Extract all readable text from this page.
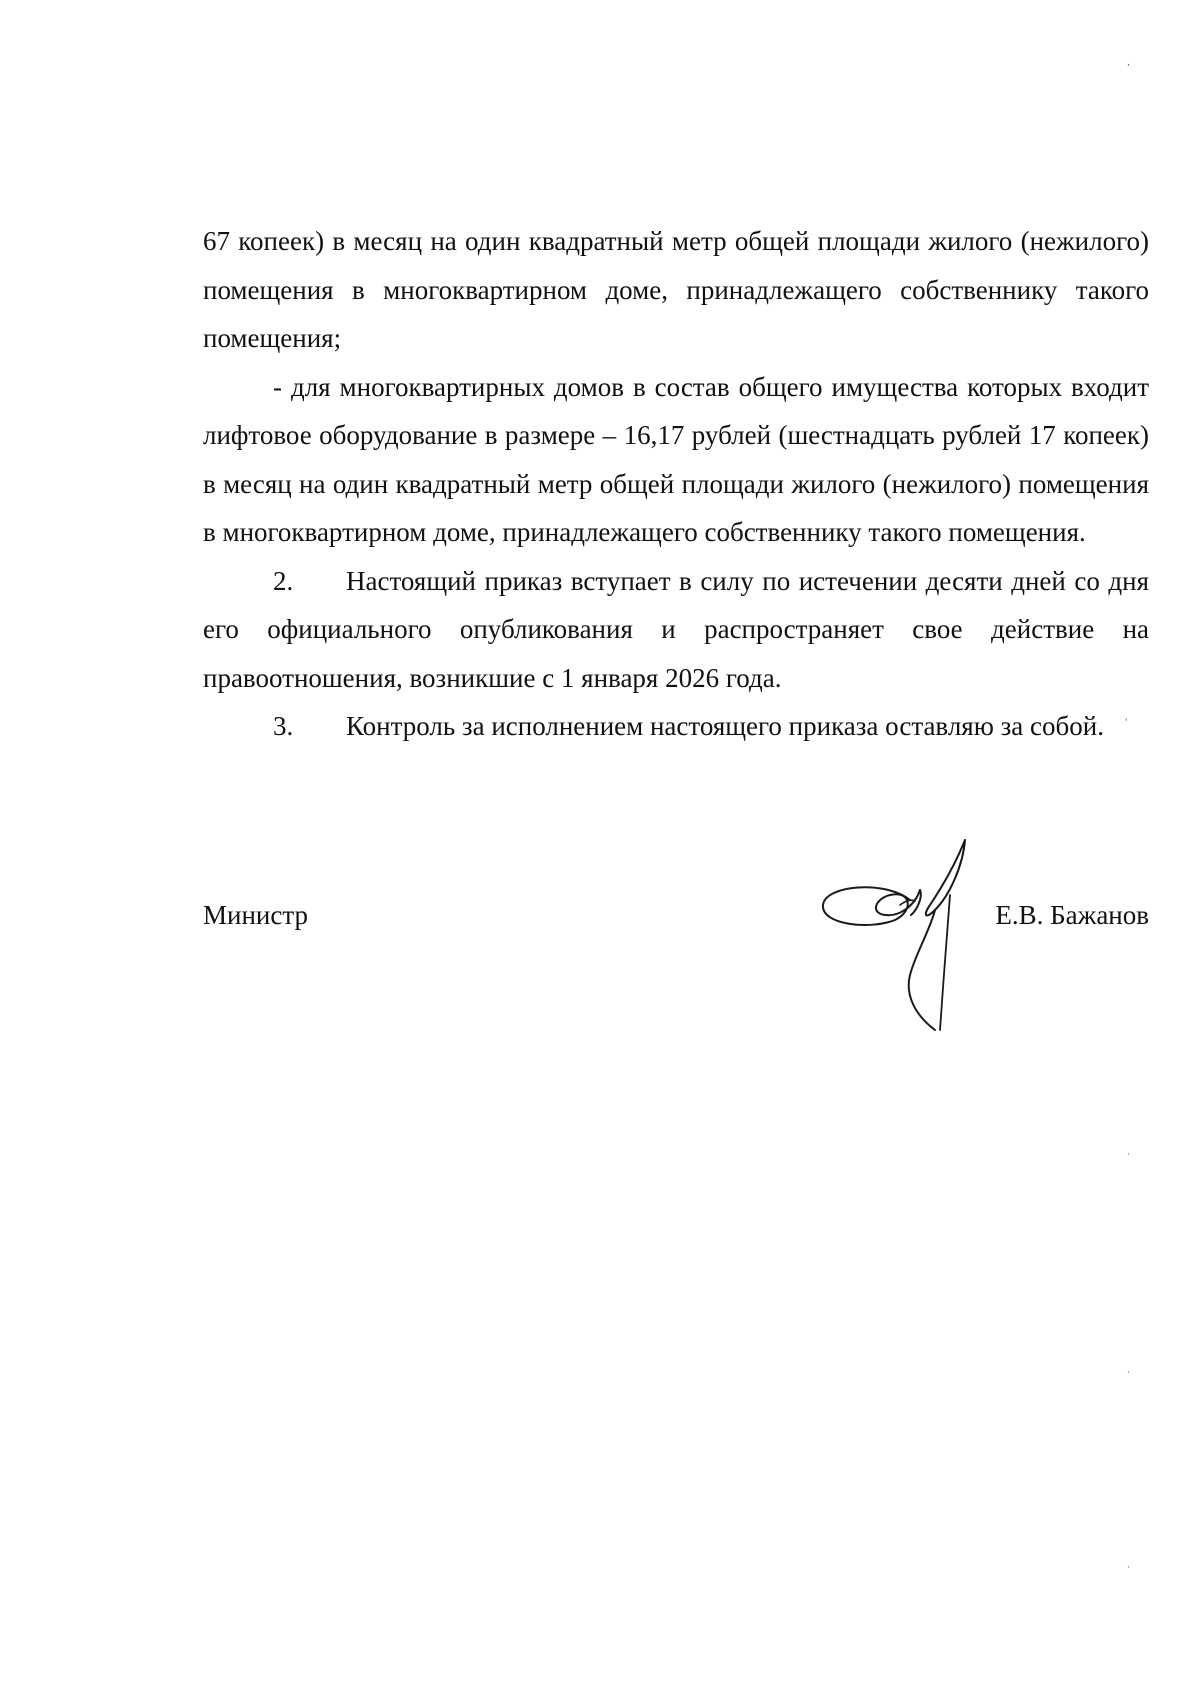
67 копеек) в месяц на один квадратный метр общей площади жилого (нежилого) помещения в многоквартирном доме, принадлежащего собственнику такого помещения;

- для многоквартирных домов в состав общего имущества которых входит лифтовое оборудование в размере – 16,17 рублей (шестнадцать рублей 17 копеек) в месяц на один квадратный метр общей площади жилого (нежилого) помещения в многоквартирном доме, принадлежащего собственнику такого помещения.

2. Настоящий приказ вступает в силу по истечении десяти дней со дня его официального опубликования и распространяет свое действие на правоотношения, возникшие с 1 января 2026 года.

3. Контроль за исполнением настоящего приказа оставляю за собой.

Министр	Е.В. Бажанов
,
'
·
·
·
